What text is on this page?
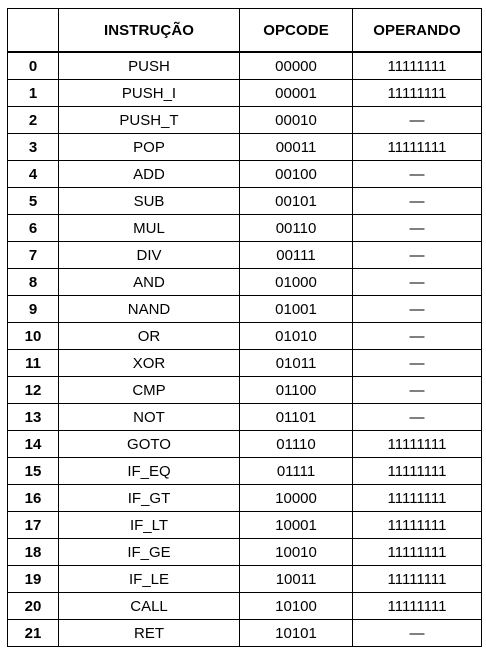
	INSTRUÇÃO	OPCODE	OPERANDO
0	PUSH	00000	11111111
1	PUSH_I	00001	11111111
2	PUSH_T	00010	—
3	POP	00011	11111111
4	ADD	00100	—
5	SUB	00101	—
6	MUL	00110	—
7	DIV	00111	—
8	AND	01000	—
9	NAND	01001	—
10	OR	01010	—
11	XOR	01011	—
12	CMP	01100	—
13	NOT	01101	—
14	GOTO	01110	11111111
15	IF_EQ	01111	11111111
16	IF_GT	10000	11111111
17	IF_LT	10001	11111111
18	IF_GE	10010	11111111
19	IF_LE	10011	11111111
20	CALL	10100	11111111
21	RET	10101	—
